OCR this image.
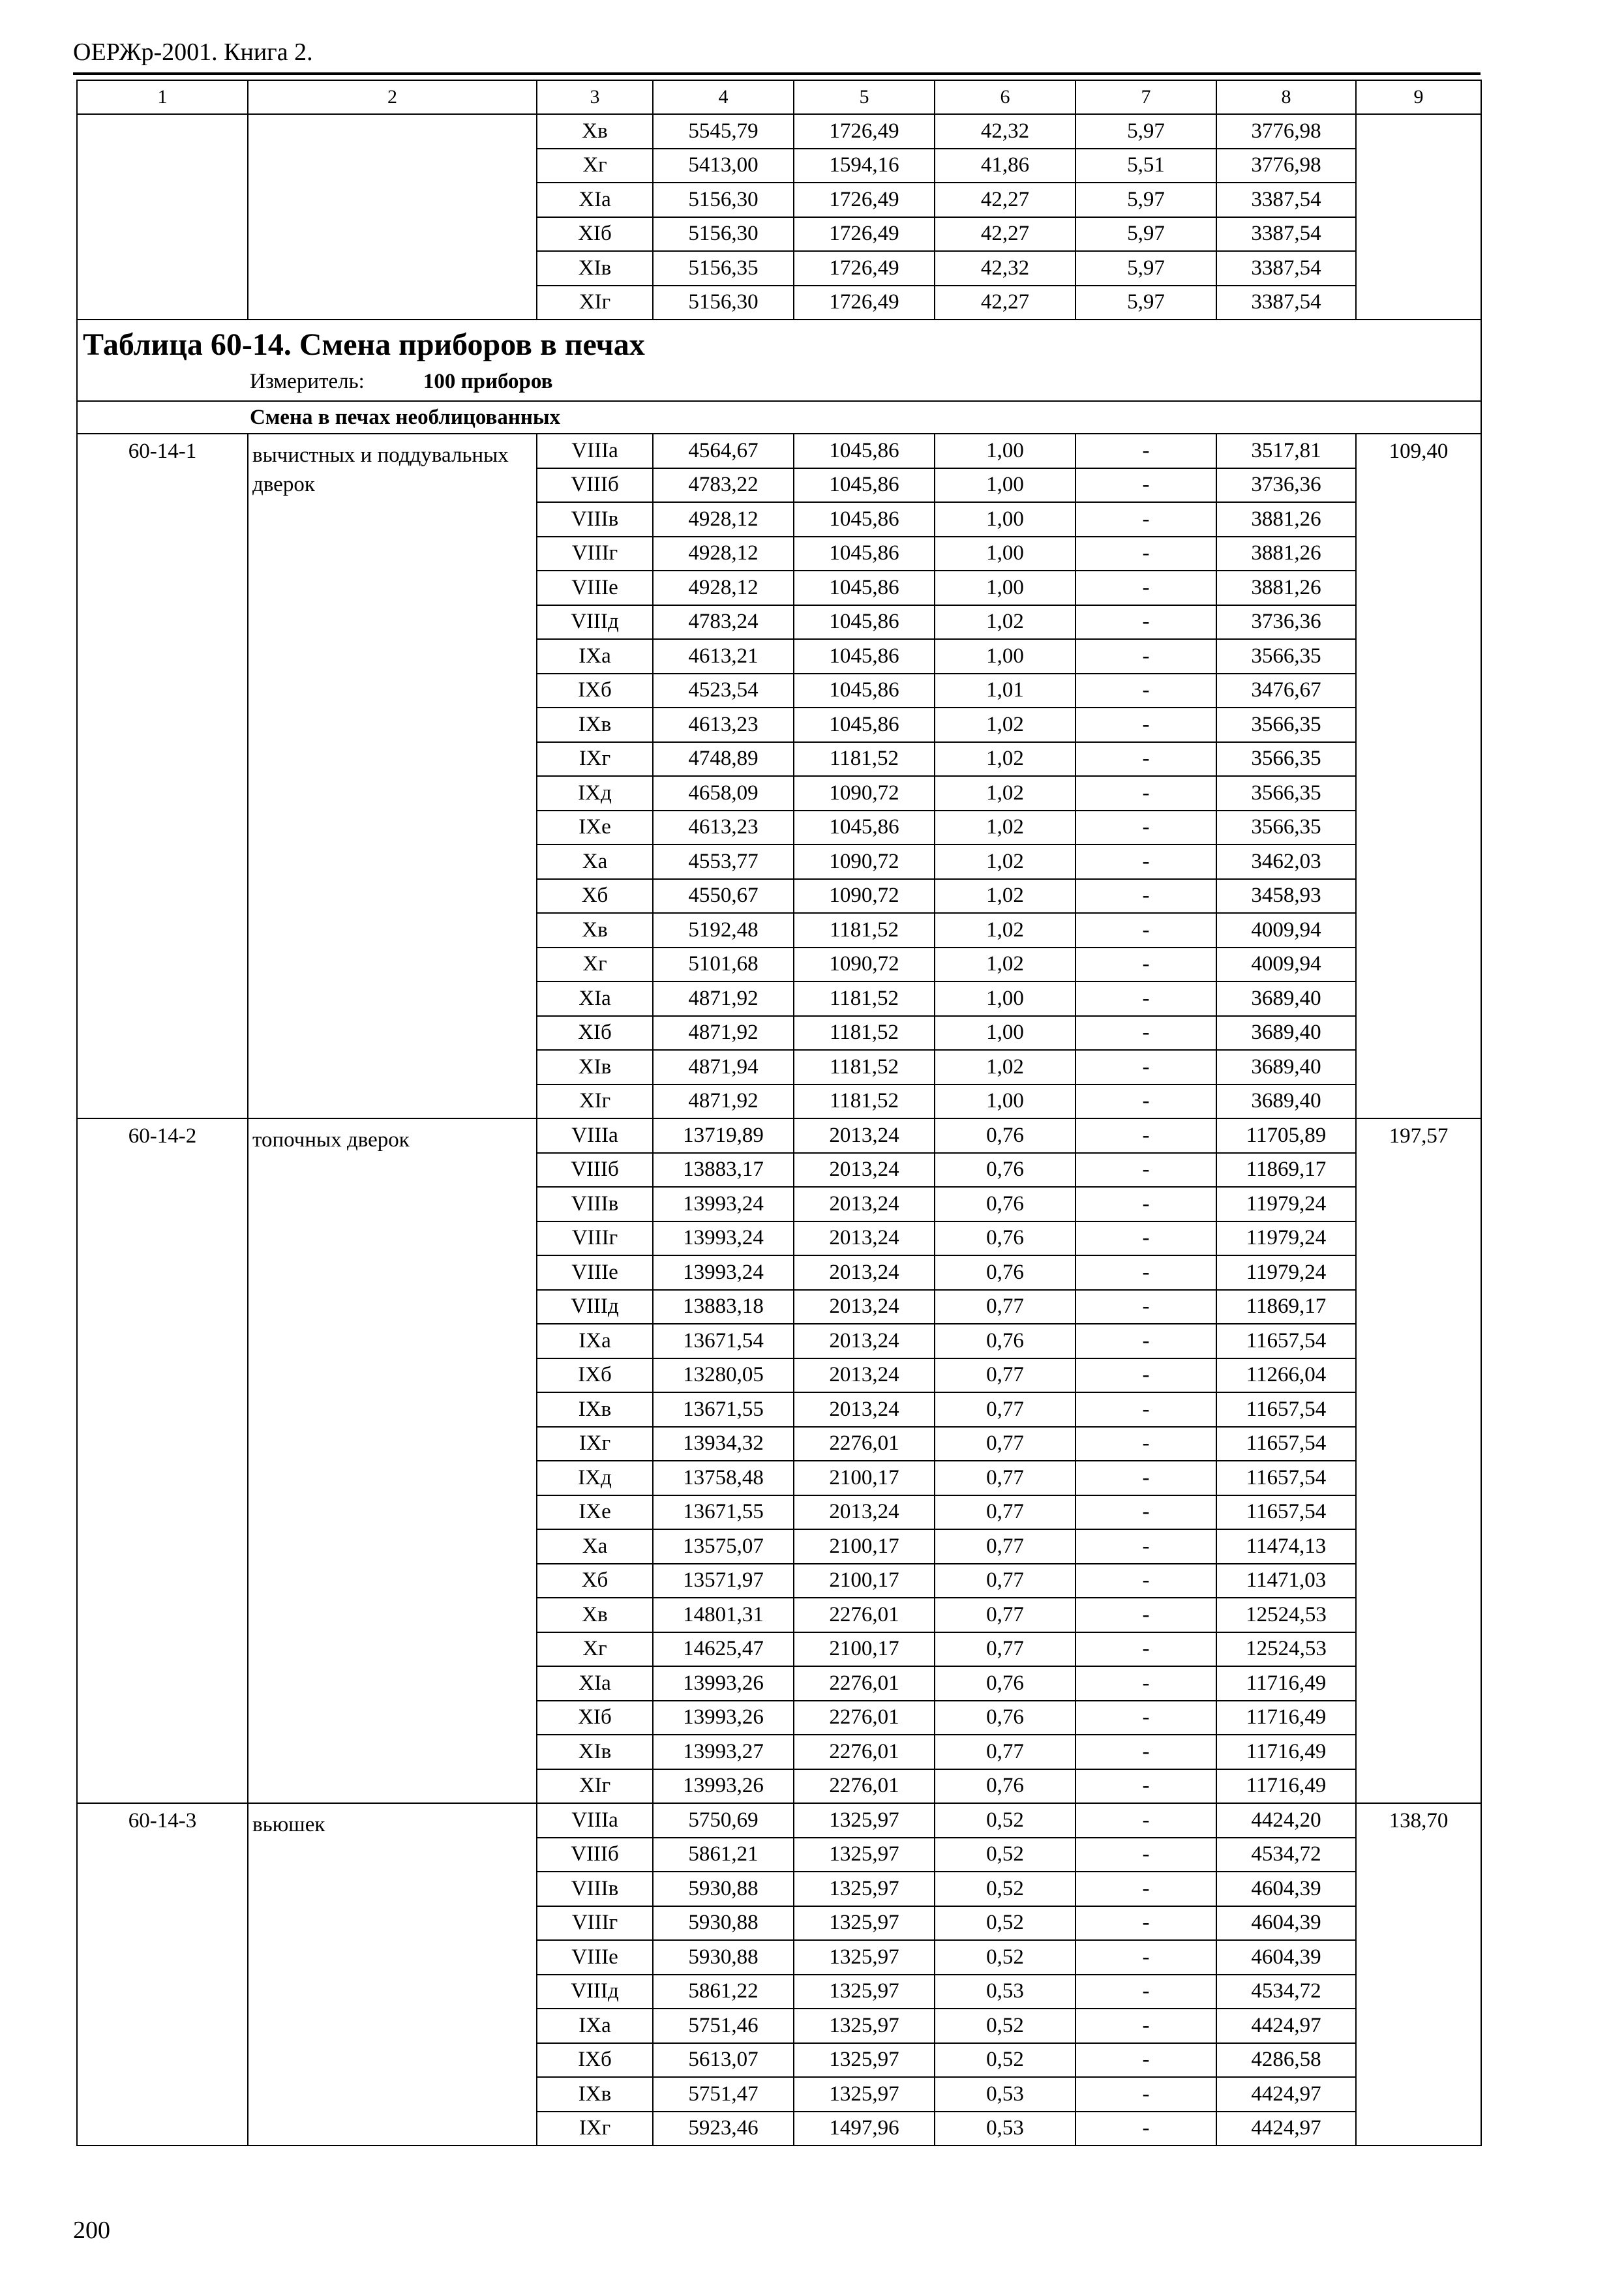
ОЕРЖр-2001. Книга 2.
1	2	3	4	5	6	7	8	9
		Xв	5545,79	1726,49	42,32	5,97	3776,98	
		Xг	5413,00	1594,16	41,86	5,51	3776,98	
		XIа	5156,30	1726,49	42,27	5,97	3387,54	
		XIб	5156,30	1726,49	42,27	5,97	3387,54	
		XIв	5156,35	1726,49	42,32	5,97	3387,54	
		XIг	5156,30	1726,49	42,27	5,97	3387,54	

Таблица 60-14. Смена приборов в печах
Измеритель: 100 приборов								

Смена в печах необлицованных								
60-14-1	вычистных и поддувальных дверок	VIIIа	4564,67	1045,86	1,00	-	3517,81	109,40
		VIIIб	4783,22	1045,86	1,00	-	3736,36	
		VIIIв	4928,12	1045,86	1,00	-	3881,26	
		VIIIг	4928,12	1045,86	1,00	-	3881,26	
		VIIIе	4928,12	1045,86	1,00	-	3881,26	
		VIIIд	4783,24	1045,86	1,02	-	3736,36	
		IXа	4613,21	1045,86	1,00	-	3566,35	
		IXб	4523,54	1045,86	1,01	-	3476,67	
		IXв	4613,23	1045,86	1,02	-	3566,35	
		IXг	4748,89	1181,52	1,02	-	3566,35	
		IXд	4658,09	1090,72	1,02	-	3566,35	
		IXе	4613,23	1045,86	1,02	-	3566,35	
		Xа	4553,77	1090,72	1,02	-	3462,03	
		Xб	4550,67	1090,72	1,02	-	3458,93	
		Xв	5192,48	1181,52	1,02	-	4009,94	
		Xг	5101,68	1090,72	1,02	-	4009,94	
		XIа	4871,92	1181,52	1,00	-	3689,40	
		XIб	4871,92	1181,52	1,00	-	3689,40	
		XIв	4871,94	1181,52	1,02	-	3689,40	
		XIг	4871,92	1181,52	1,00	-	3689,40	
60-14-2	топочных дверок	VIIIа	13719,89	2013,24	0,76	-	11705,89	197,57
		VIIIб	13883,17	2013,24	0,76	-	11869,17	
		VIIIв	13993,24	2013,24	0,76	-	11979,24	
		VIIIг	13993,24	2013,24	0,76	-	11979,24	
		VIIIе	13993,24	2013,24	0,76	-	11979,24	
		VIIIд	13883,18	2013,24	0,77	-	11869,17	
		IXа	13671,54	2013,24	0,76	-	11657,54	
		IXб	13280,05	2013,24	0,77	-	11266,04	
		IXв	13671,55	2013,24	0,77	-	11657,54	
		IXг	13934,32	2276,01	0,77	-	11657,54	
		IXд	13758,48	2100,17	0,77	-	11657,54	
		IXе	13671,55	2013,24	0,77	-	11657,54	
		Xа	13575,07	2100,17	0,77	-	11474,13	
		Xб	13571,97	2100,17	0,77	-	11471,03	
		Xв	14801,31	2276,01	0,77	-	12524,53	
		Xг	14625,47	2100,17	0,77	-	12524,53	
		XIа	13993,26	2276,01	0,76	-	11716,49	
		XIб	13993,26	2276,01	0,76	-	11716,49	
		XIв	13993,27	2276,01	0,77	-	11716,49	
		XIг	13993,26	2276,01	0,76	-	11716,49	
60-14-3	вьюшек	VIIIа	5750,69	1325,97	0,52	-	4424,20	138,70
		VIIIб	5861,21	1325,97	0,52	-	4534,72	
		VIIIв	5930,88	1325,97	0,52	-	4604,39	
		VIIIг	5930,88	1325,97	0,52	-	4604,39	
		VIIIе	5930,88	1325,97	0,52	-	4604,39	
		VIIIд	5861,22	1325,97	0,53	-	4534,72	
		IXа	5751,46	1325,97	0,52	-	4424,97	
		IXб	5613,07	1325,97	0,52	-	4286,58	
		IXв	5751,47	1325,97	0,53	-	4424,97	
		IXг	5923,46	1497,96	0,53	-	4424,97	
200
